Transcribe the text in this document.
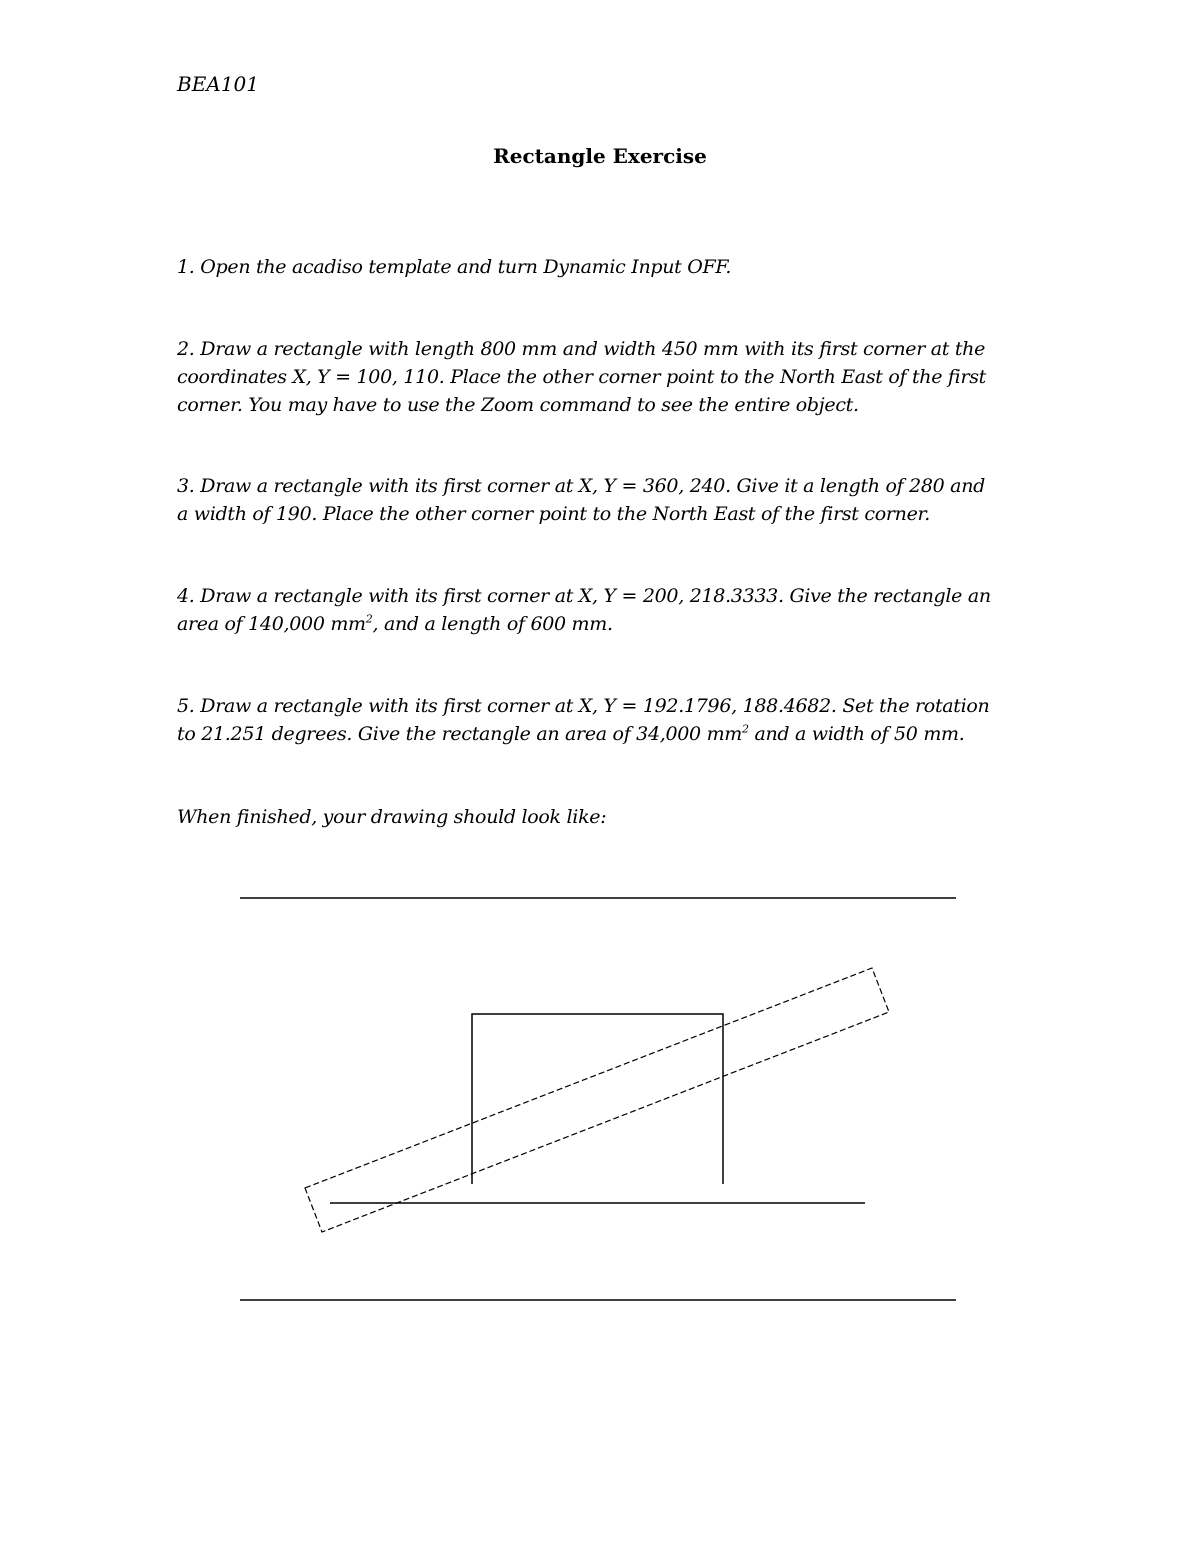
BEA101
Rectangle Exercise
1. Open the acadiso template and turn Dynamic Input OFF.
2. Draw a rectangle with length 800 mm and width 450 mm with its first corner at the
coordinates X, Y = 100, 110. Place the other corner point to the North East of the first
corner. You may have to use the Zoom command to see the entire object.
3. Draw a rectangle with its first corner at X, Y = 360, 240. Give it a length of 280 and
a width of 190. Place the other corner point to the North East of the first corner.
4. Draw a rectangle with its first corner at X, Y = 200, 218.3333. Give the rectangle an
area of 140,000 $mm^2$, and a length of 600 mm.
5. Draw a rectangle with its first corner at X, Y = 192.1796, 188.4682. Set the rotation
to 21.251 degrees. Give the rectangle an area of 34,000 $mm^2$ and a width of 50 mm.
When finished, your drawing should look like:
